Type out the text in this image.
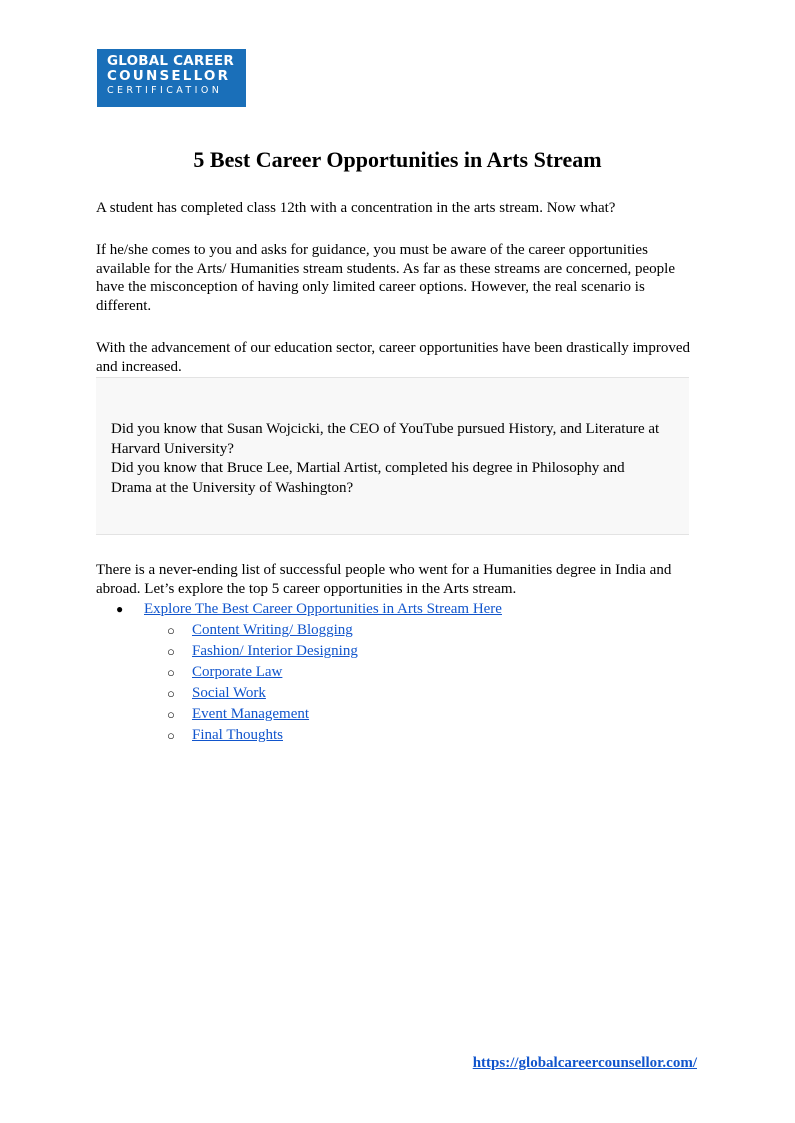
GLOBAL CAREER
COUNSELLOR
CERTIFICATION
5 Best Career Opportunities in Arts Stream

A student has completed class 12th with a concentration in the arts stream. Now what?

If he/she comes to you and asks for guidance, you must be aware of the career opportunities available for the Arts/ Humanities stream students. As far as these streams are concerned, people have the misconception of having only limited career options. However, the real scenario is different.

With the advancement of our education sector, career opportunities have been drastically improved and increased.

Did you know that Susan Wojcicki, the CEO of YouTube pursued History, and Literature at Harvard University?

Did you know that Bruce Lee, Martial Artist, completed his degree in Philosophy and Drama at the University of Washington?

There is a never-ending list of successful people who went for a Humanities degree in India and abroad. Let’s explore the top 5 career opportunities in the Arts stream.

● Explore The Best Career Opportunities in Arts Stream Here
○ Content Writing/ Blogging
○ Fashion/ Interior Designing
○ Corporate Law
○ Social Work
○ Event Management
○ Final Thoughts
https://globalcareercounsellor.com/
